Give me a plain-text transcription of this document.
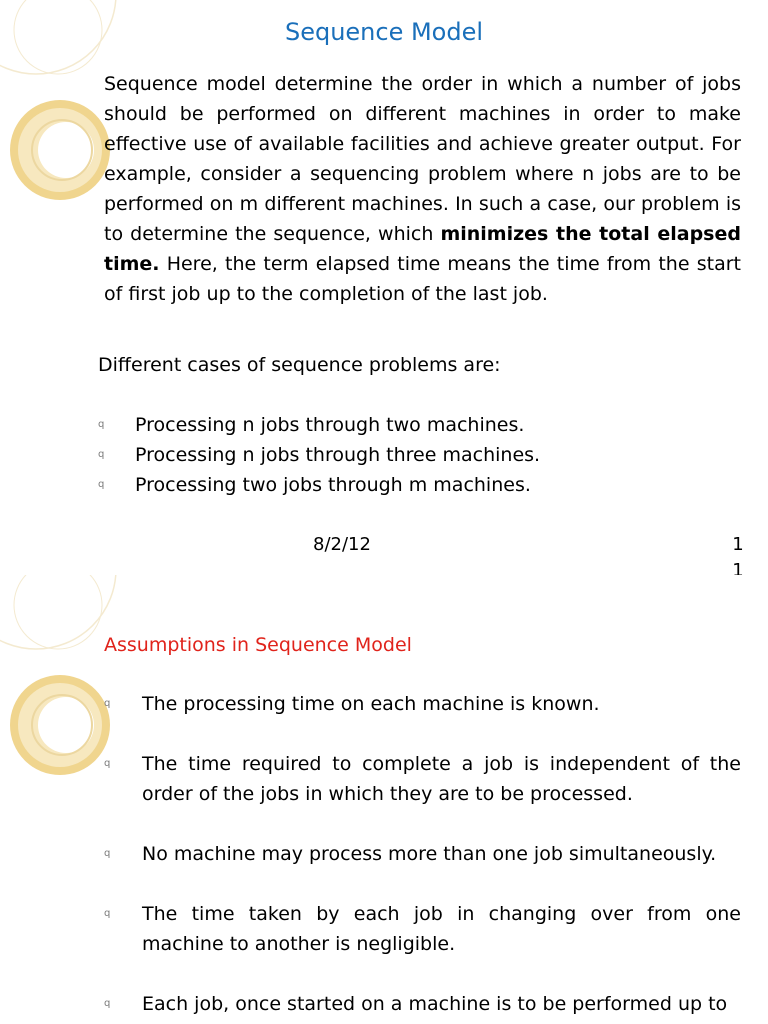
Sequence Model
Sequence model determine the order in which a number of jobs should be performed on different machines in order to make effective use of available facilities and achieve greater output. For example, consider a sequencing problem where n jobs are to be performed on m different machines. In such a case, our problem is to determine the sequence, which minimizes the total elapsed time. Here, the term elapsed time means the time from the start of first job up to the completion of the last job.
Different cases of sequence problems are:
q Processing n jobs through two machines.
q Processing n jobs through three machines.
q Processing two jobs through m machines.
8/2/12	1
1
Assumptions in Sequence Model
q The processing time on each machine is known.
q The time required to complete a job is independent of the order of the jobs in which they are to be processed.
q No machine may process more than one job simultaneously.
q The time taken by each job in changing over from one machine to another is negligible.
q Each job, once started on a machine is to be performed up to
